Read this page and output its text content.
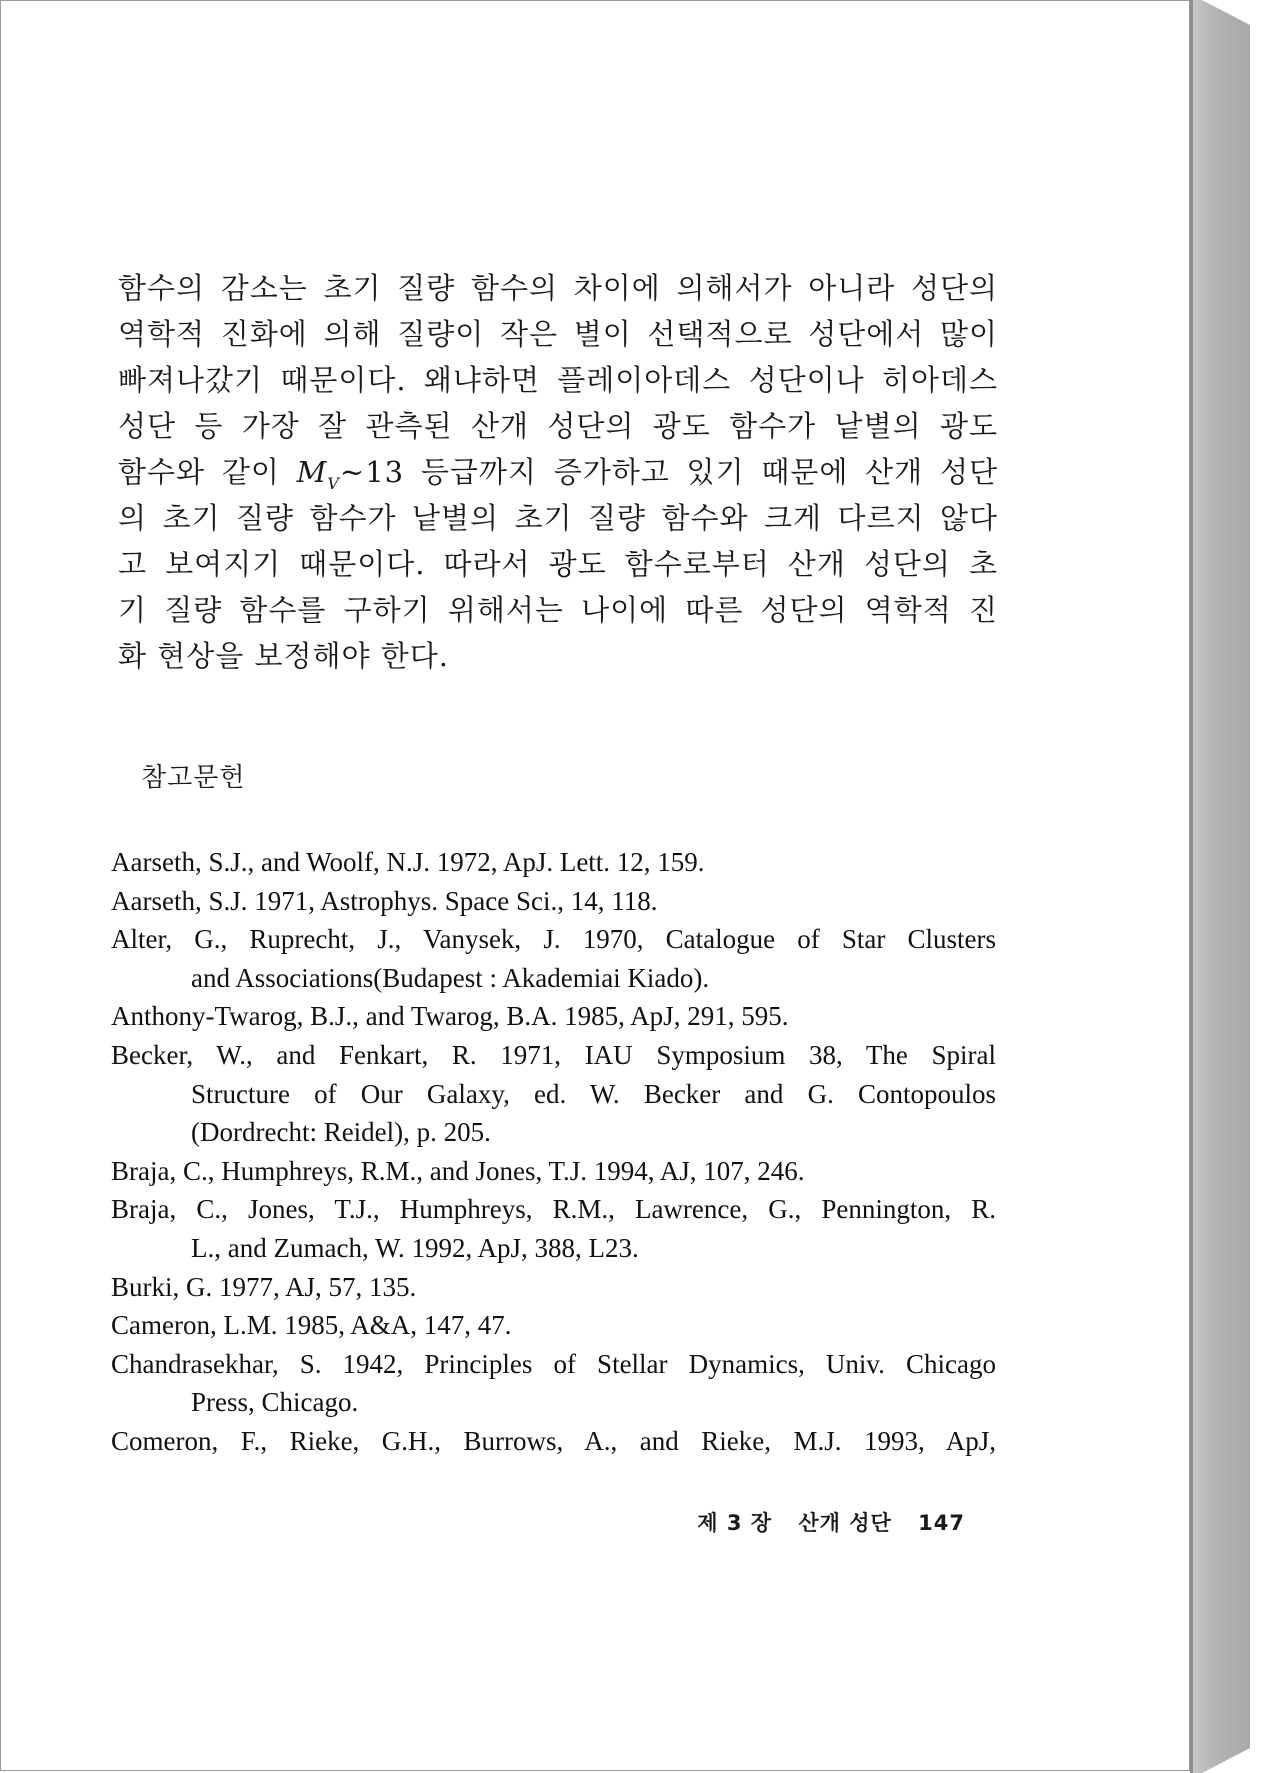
함수의 감소는 초기 질량 함수의 차이에 의해서가 아니라 성단의
역학적 진화에 의해 질량이 작은 별이 선택적으로 성단에서 많이
빠져나갔기 때문이다. 왜냐하면 플레이아데스 성단이나 히아데스
성단 등 가장 잘 관측된 산개 성단의 광도 함수가 낱별의 광도
함수와 같이 $M_V\sim 13$ 등급까지 증가하고 있기 때문에 산개 성단
의 초기 질량 함수가 낱별의 초기 질량 함수와 크게 다르지 않다
고 보여지기 때문이다. 따라서 광도 함수로부터 산개 성단의 초
기 질량 함수를 구하기 위해서는 나이에 따른 성단의 역학적 진
화 현상을 보정해야 한다.
참고문헌
Aarseth, S.J., and Woolf, N.J. 1972, ApJ. Lett. 12, 159.
Aarseth, S.J. 1971, Astrophys. Space Sci., 14, 118.
Alter, G., Ruprecht, J., Vanysek, J. 1970, Catalogue of Star Clusters
and Associations(Budapest : Akademiai Kiado).
Anthony-Twarog, B.J., and Twarog, B.A. 1985, ApJ, 291, 595.
Becker, W., and Fenkart, R. 1971, IAU Symposium 38, The Spiral
Structure of Our Galaxy, ed. W. Becker and G. Contopoulos
(Dordrecht: Reidel), p. 205.
Braja, C., Humphreys, R.M., and Jones, T.J. 1994, AJ, 107, 246.
Braja, C., Jones, T.J., Humphreys, R.M., Lawrence, G., Pennington, R.
L., and Zumach, W. 1992, ApJ, 388, L23.
Burki, G. 1977, AJ, 57, 135.
Cameron, L.M. 1985, A&A, 147, 47.
Chandrasekhar, S. 1942, Principles of Stellar Dynamics, Univ. Chicago
Press, Chicago.
Comeron, F., Rieke, G.H., Burrows, A., and Rieke, M.J. 1993, ApJ,
제 3 장 산개 성단 147
